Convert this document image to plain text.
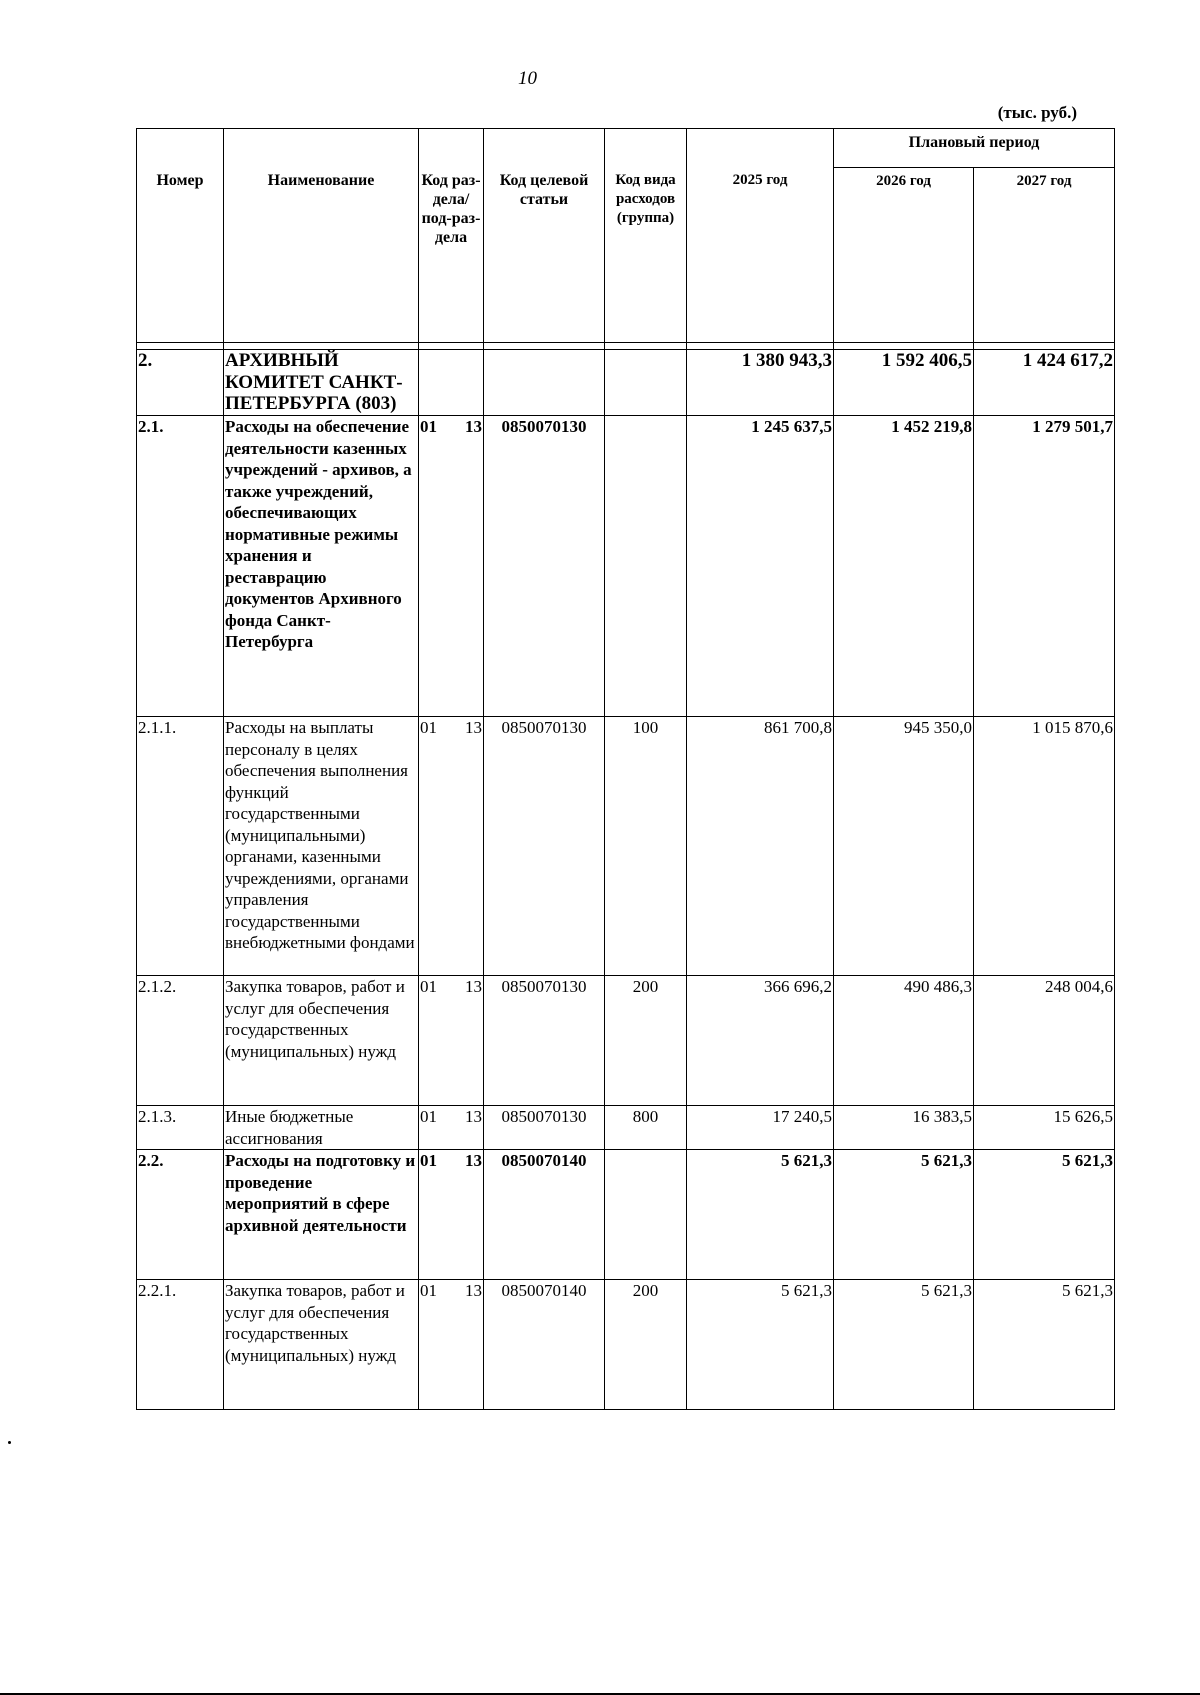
10
(тыс. руб.)
Номер	Наименование	Код раз-дела/ под-раз-дела	Код целевой статьи	Код вида расходов (группа)	2025 год	Плановый период	
						2026 год	2027 год

2.	АРХИВНЫЙ КОМИТЕТ САНКТ-ПЕТЕРБУРГА (803)				1 380 943,3	1 592 406,5	1 424 617,2
2.1.	Расходы на обеспечение деятельности казенных учреждений - архивов, а также учреждений, обеспечивающих нормативные режимы хранения и реставрацию документов Архивного фонда Санкт-Петербурга	01 13	0850070130		1 245 637,5	1 452 219,8	1 279 501,7
2.1.1.	Расходы на выплаты персоналу в целях обеспечения выполнения функций государственными (муниципальными) органами, казенными учреждениями, органами управления государственными внебюджетными фондами	01 13	0850070130	100	861 700,8	945 350,0	1 015 870,6
2.1.2.	Закупка товаров, работ и услуг для обеспечения государственных (муниципальных) нужд	01 13	0850070130	200	366 696,2	490 486,3	248 004,6
2.1.3.	Иные бюджетные ассигнования	01 13	0850070130	800	17 240,5	16 383,5	15 626,5
2.2.	Расходы на подготовку и проведение мероприятий в сфере архивной деятельности	01 13	0850070140		5 621,3	5 621,3	5 621,3
2.2.1.	Закупка товаров, работ и услуг для обеспечения государственных (муниципальных) нужд	01 13	0850070140	200	5 621,3	5 621,3	5 621,3
